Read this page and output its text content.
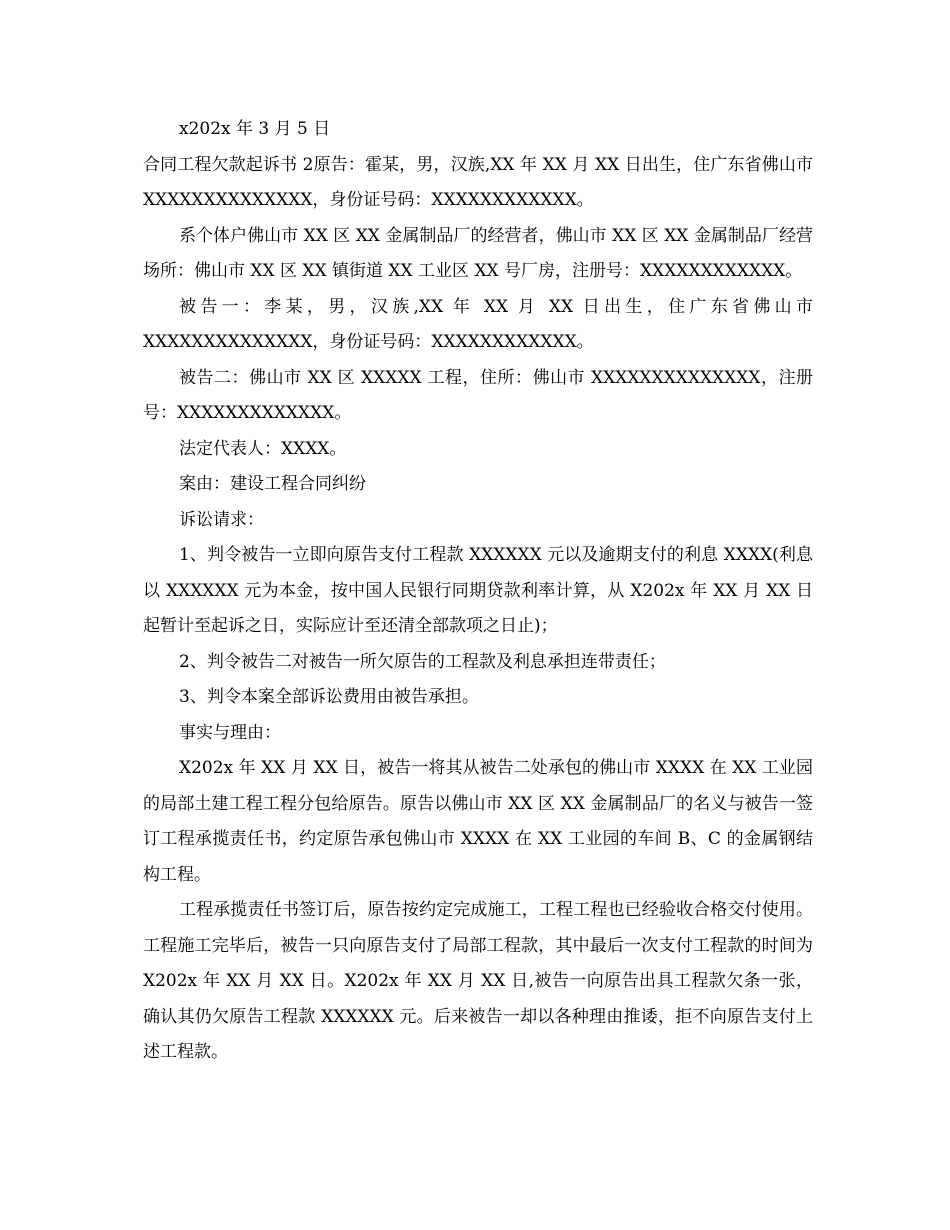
x202x 年 3 月 5 日

合同工程欠款起诉书 2原告：霍某，男，汉族,XX 年 XX 月 XX 日出生，住广东省佛山市 XXXXXXXXXXXXXX，身份证号码：XXXXXXXXXXXX。

系个体户佛山市 XX 区 XX 金属制品厂的经营者，佛山市 XX 区 XX 金属制品厂经营场所：佛山市 XX 区 XX 镇街道 XX 工业区 XX 号厂房，注册号：XXXXXXXXXXXX。

被告一：李某，男，汉族,XX 年 XX 月 XX 日出生，住广东省佛山市 XXXXXXXXXXXXXX，身份证号码：XXXXXXXXXXXX。

被告二：佛山市 XX 区 XXXXX 工程，住所：佛山市 XXXXXXXXXXXXXX，注册号：XXXXXXXXXXXXX。

法定代表人：XXXX。

案由：建设工程合同纠纷

诉讼请求：

1、判令被告一立即向原告支付工程款 XXXXXX 元以及逾期支付的利息 XXXX(利息以 XXXXXX 元为本金，按中国人民银行同期贷款利率计算，从 X202x 年 XX 月 XX 日起暂计至起诉之日，实际应计至还清全部款项之日止)；

2、判令被告二对被告一所欠原告的工程款及利息承担连带责任；

3、判令本案全部诉讼费用由被告承担。

事实与理由：

X202x 年 XX 月 XX 日，被告一将其从被告二处承包的佛山市 XXXX 在 XX 工业园的局部土建工程工程分包给原告。原告以佛山市 XX 区 XX 金属制品厂的名义与被告一签订工程承揽责任书，约定原告承包佛山市 XXXX 在 XX 工业园的车间 B、C 的金属钢结构工程。

工程承揽责任书签订后，原告按约定完成施工，工程工程也已经验收合格交付使用。工程施工完毕后，被告一只向原告支付了局部工程款，其中最后一次支付工程款的时间为 X202x 年 XX 月 XX 日。X202x 年 XX 月 XX 日,被告一向原告出具工程款欠条一张，确认其仍欠原告工程款 XXXXXX 元。后来被告一却以各种理由推诿，拒不向原告支付上述工程款。
